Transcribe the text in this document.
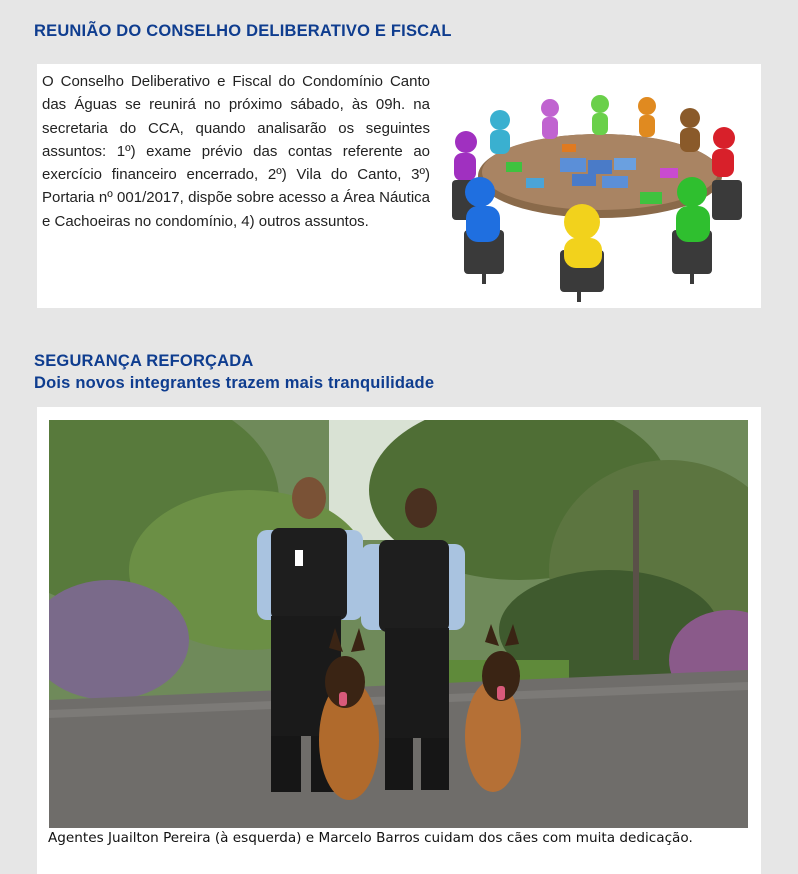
REUNIÃO DO CONSELHO DELIBERATIVO E FISCAL
O Conselho Deliberativo e Fiscal do Condomínio Canto das Águas se reunirá no próximo sábado, às 09h. na secretaria do CCA, quando analisarão os seguintes assuntos: 1º) exame prévio das contas referente ao exercício financeiro encerrado, 2º) Vila do Canto, 3º) Portaria nº 001/2017, dispõe sobre acesso a Área Náutica e Cachoeiras no condomínio, 4) outros assuntos.
SEGURANÇA REFORÇADA
Dois novos integrantes trazem mais tranquilidade
Agentes Juailton Pereira (à esquerda) e Marcelo Barros cuidam dos cães com muita dedicação.
